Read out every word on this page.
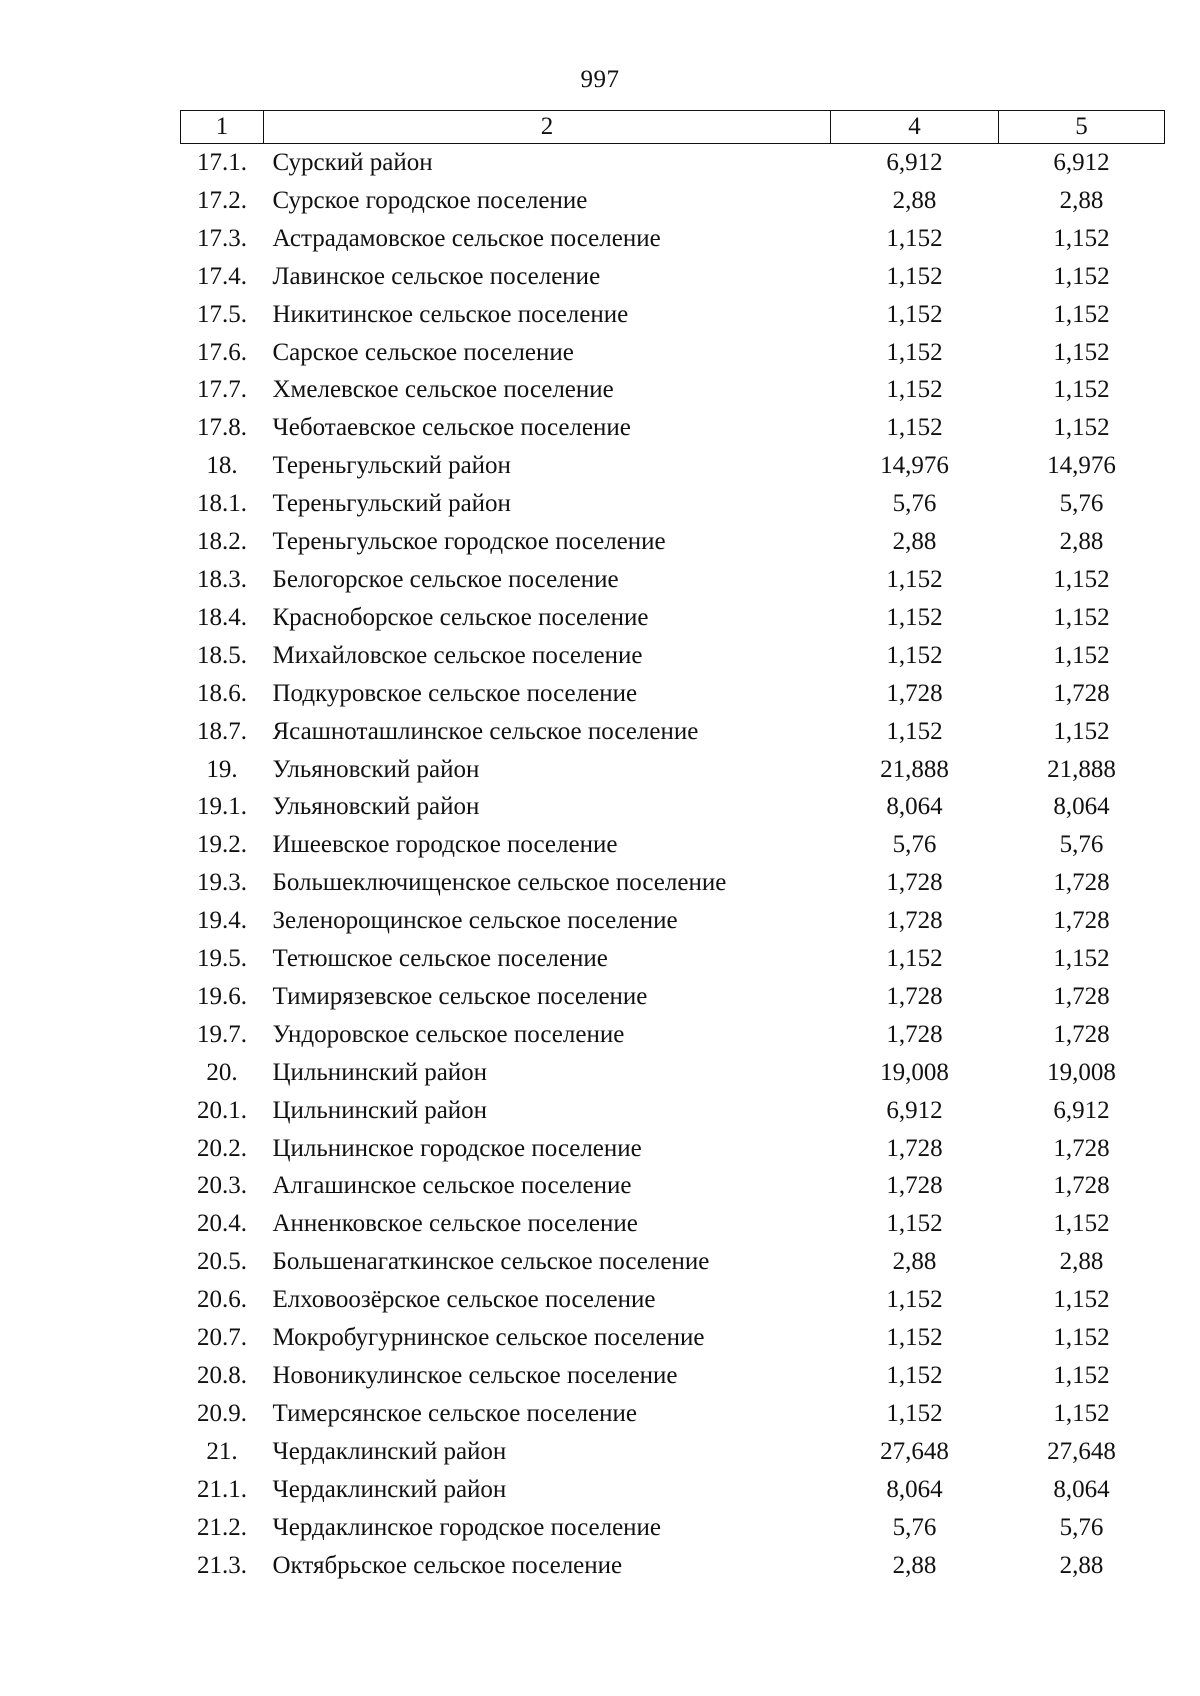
997
1	2	4	5
17.1.	Сурский район	6,912	6,912
17.2.	Сурское городское поселение	2,88	2,88
17.3.	Астрадамовское сельское поселение	1,152	1,152
17.4.	Лавинское сельское поселение	1,152	1,152
17.5.	Никитинское сельское поселение	1,152	1,152
17.6.	Сарское сельское поселение	1,152	1,152
17.7.	Хмелевское сельское поселение	1,152	1,152
17.8.	Чеботаевское сельское поселение	1,152	1,152
18.	Тереньгульский район	14,976	14,976
18.1.	Тереньгульский район	5,76	5,76
18.2.	Тереньгульское городское поселение	2,88	2,88
18.3.	Белогорское сельское поселение	1,152	1,152
18.4.	Красноборское сельское поселение	1,152	1,152
18.5.	Михайловское сельское поселение	1,152	1,152
18.6.	Подкуровское сельское поселение	1,728	1,728
18.7.	Ясашноташлинское сельское поселение	1,152	1,152
19.	Ульяновский район	21,888	21,888
19.1.	Ульяновский район	8,064	8,064
19.2.	Ишеевское городское поселение	5,76	5,76
19.3.	Большеключищенское сельское поселение	1,728	1,728
19.4.	Зеленорощинское сельское поселение	1,728	1,728
19.5.	Тетюшское сельское поселение	1,152	1,152
19.6.	Тимирязевское сельское поселение	1,728	1,728
19.7.	Ундоровское сельское поселение	1,728	1,728
20.	Цильнинский район	19,008	19,008
20.1.	Цильнинский район	6,912	6,912
20.2.	Цильнинское городское поселение	1,728	1,728
20.3.	Алгашинское сельское поселение	1,728	1,728
20.4.	Анненковское сельское поселение	1,152	1,152
20.5.	Большенагаткинское сельское поселение	2,88	2,88
20.6.	Елховоозёрское сельское поселение	1,152	1,152
20.7.	Мокробугурнинское сельское поселение	1,152	1,152
20.8.	Новоникулинское сельское поселение	1,152	1,152
20.9.	Тимерсянское сельское поселение	1,152	1,152
21.	Чердаклинский район	27,648	27,648
21.1.	Чердаклинский район	8,064	8,064
21.2.	Чердаклинское городское поселение	5,76	5,76
21.3.	Октябрьское сельское поселение	2,88	2,88
